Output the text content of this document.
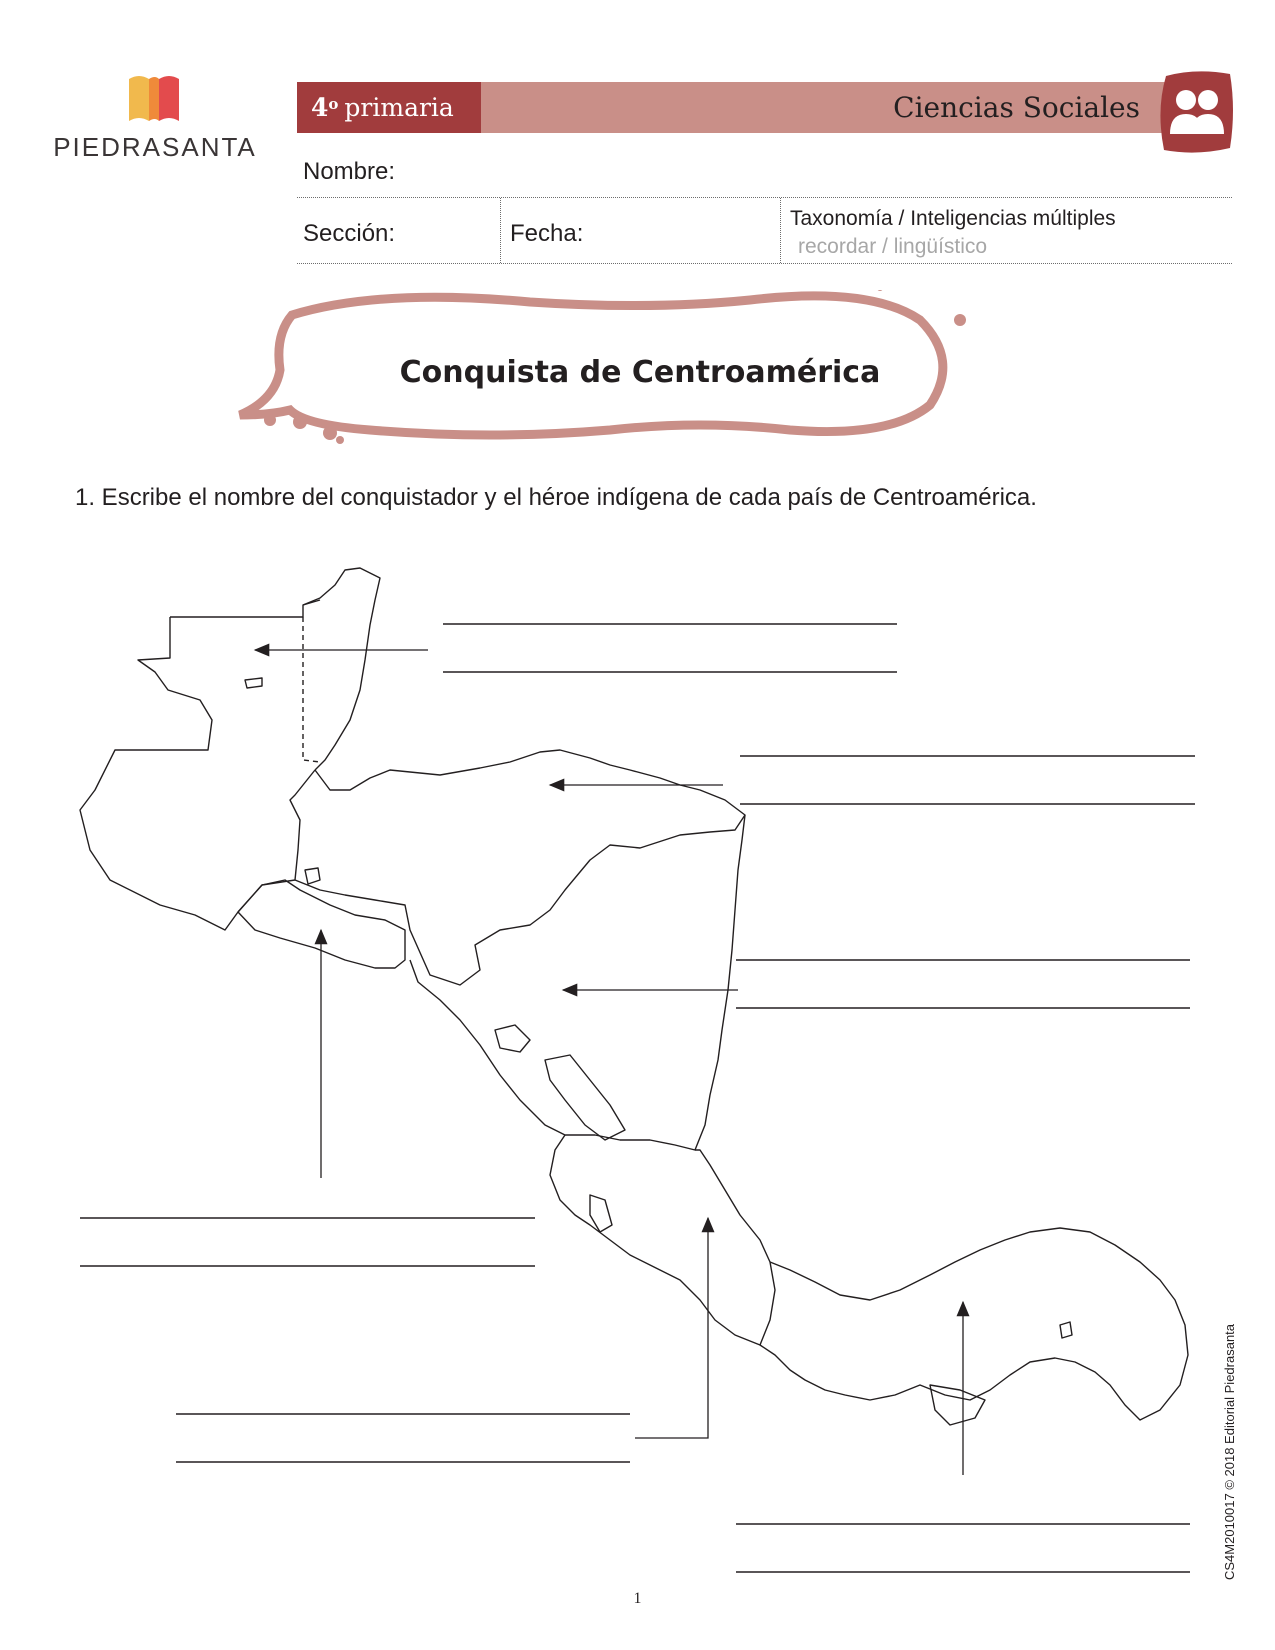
PIEDRASANTA
4$^o$ primaria	Ciencias Sociales
Nombre:
Sección:	Fecha:
Taxonomía / Inteligencias múltiples
recordar / lingüístico
Conquista de Centroamérica
1. Escribe el nombre del conquistador y el héroe indígena de cada país de Centroamérica.
CS4M2010017 © 2018 Editorial Piedrasanta
1
